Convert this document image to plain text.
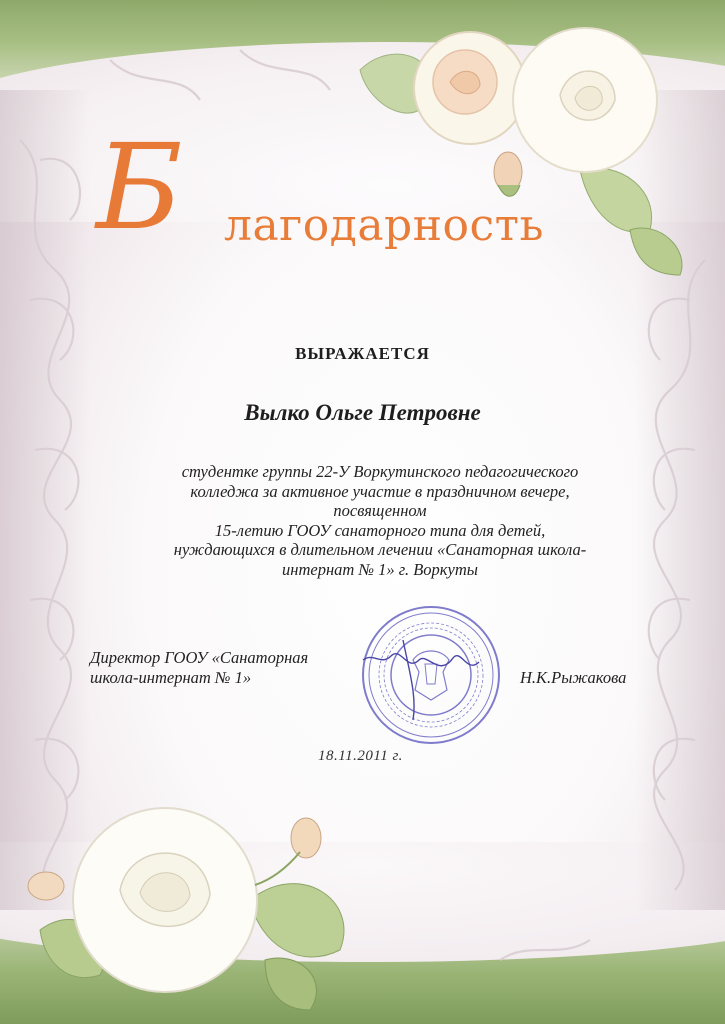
Б лагодарность
ВЫРАЖАЕТСЯ
Вылко Ольге Петровне
студентке группы 22-У Воркутинского педагогического
колледжа за активное участие в праздничном вечере,
посвященном
15-летию ГООУ санаторного типа для детей,
нуждающихся в длительном лечении «Санаторная школа-
интернат № 1» г. Воркуты
Директор ГООУ «Санаторная
школа-интернат № 1»	Н.К.Рыжакова
18.11.2011 г.
